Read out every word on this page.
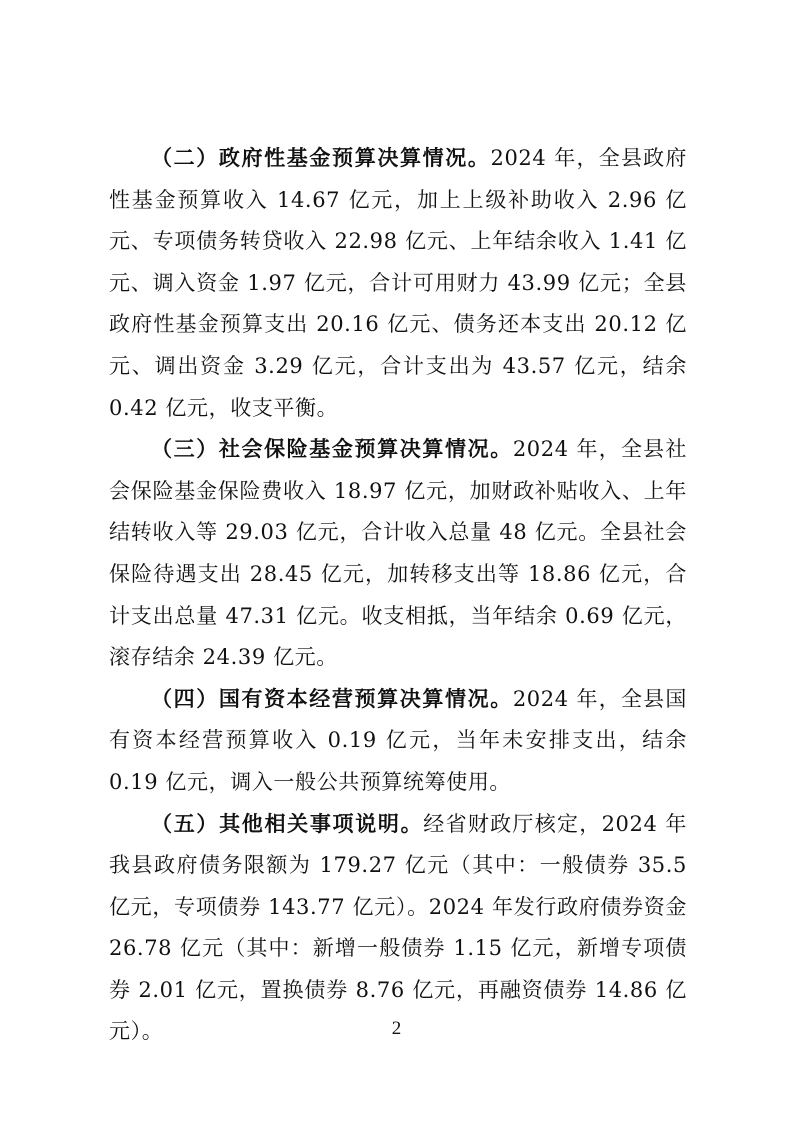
（二）政府性基金预算决算情况。2024 年，全县政府性基金预算收入 14.67 亿元，加上上级补助收入 2.96 亿元、专项债务转贷收入 22.98 亿元、上年结余收入 1.41 亿元、调入资金 1.97 亿元，合计可用财力 43.99 亿元；全县政府性基金预算支出 20.16 亿元、债务还本支出 20.12 亿元、调出资金 3.29 亿元，合计支出为 43.57 亿元，结余 0.42 亿元，收支平衡。

（三）社会保险基金预算决算情况。2024 年，全县社会保险基金保险费收入 18.97 亿元，加财政补贴收入、上年结转收入等 29.03 亿元，合计收入总量 48 亿元。全县社会保险待遇支出 28.45 亿元，加转移支出等 18.86 亿元，合计支出总量 47.31 亿元。收支相抵，当年结余 0.69 亿元，滚存结余 24.39 亿元。

（四）国有资本经营预算决算情况。2024 年，全县国有资本经营预算收入 0.19 亿元，当年未安排支出，结余 0.19 亿元，调入一般公共预算统筹使用。

（五）其他相关事项说明。经省财政厅核定，2024 年我县政府债务限额为 179.27 亿元（其中：一般债券 35.5 亿元，专项债券 143.77 亿元）。2024 年发行政府债券资金 26.78 亿元（其中：新增一般债券 1.15 亿元，新增专项债券 2.01 亿元，置换债券 8.76 亿元，再融资债券 14.86 亿元）。	2
